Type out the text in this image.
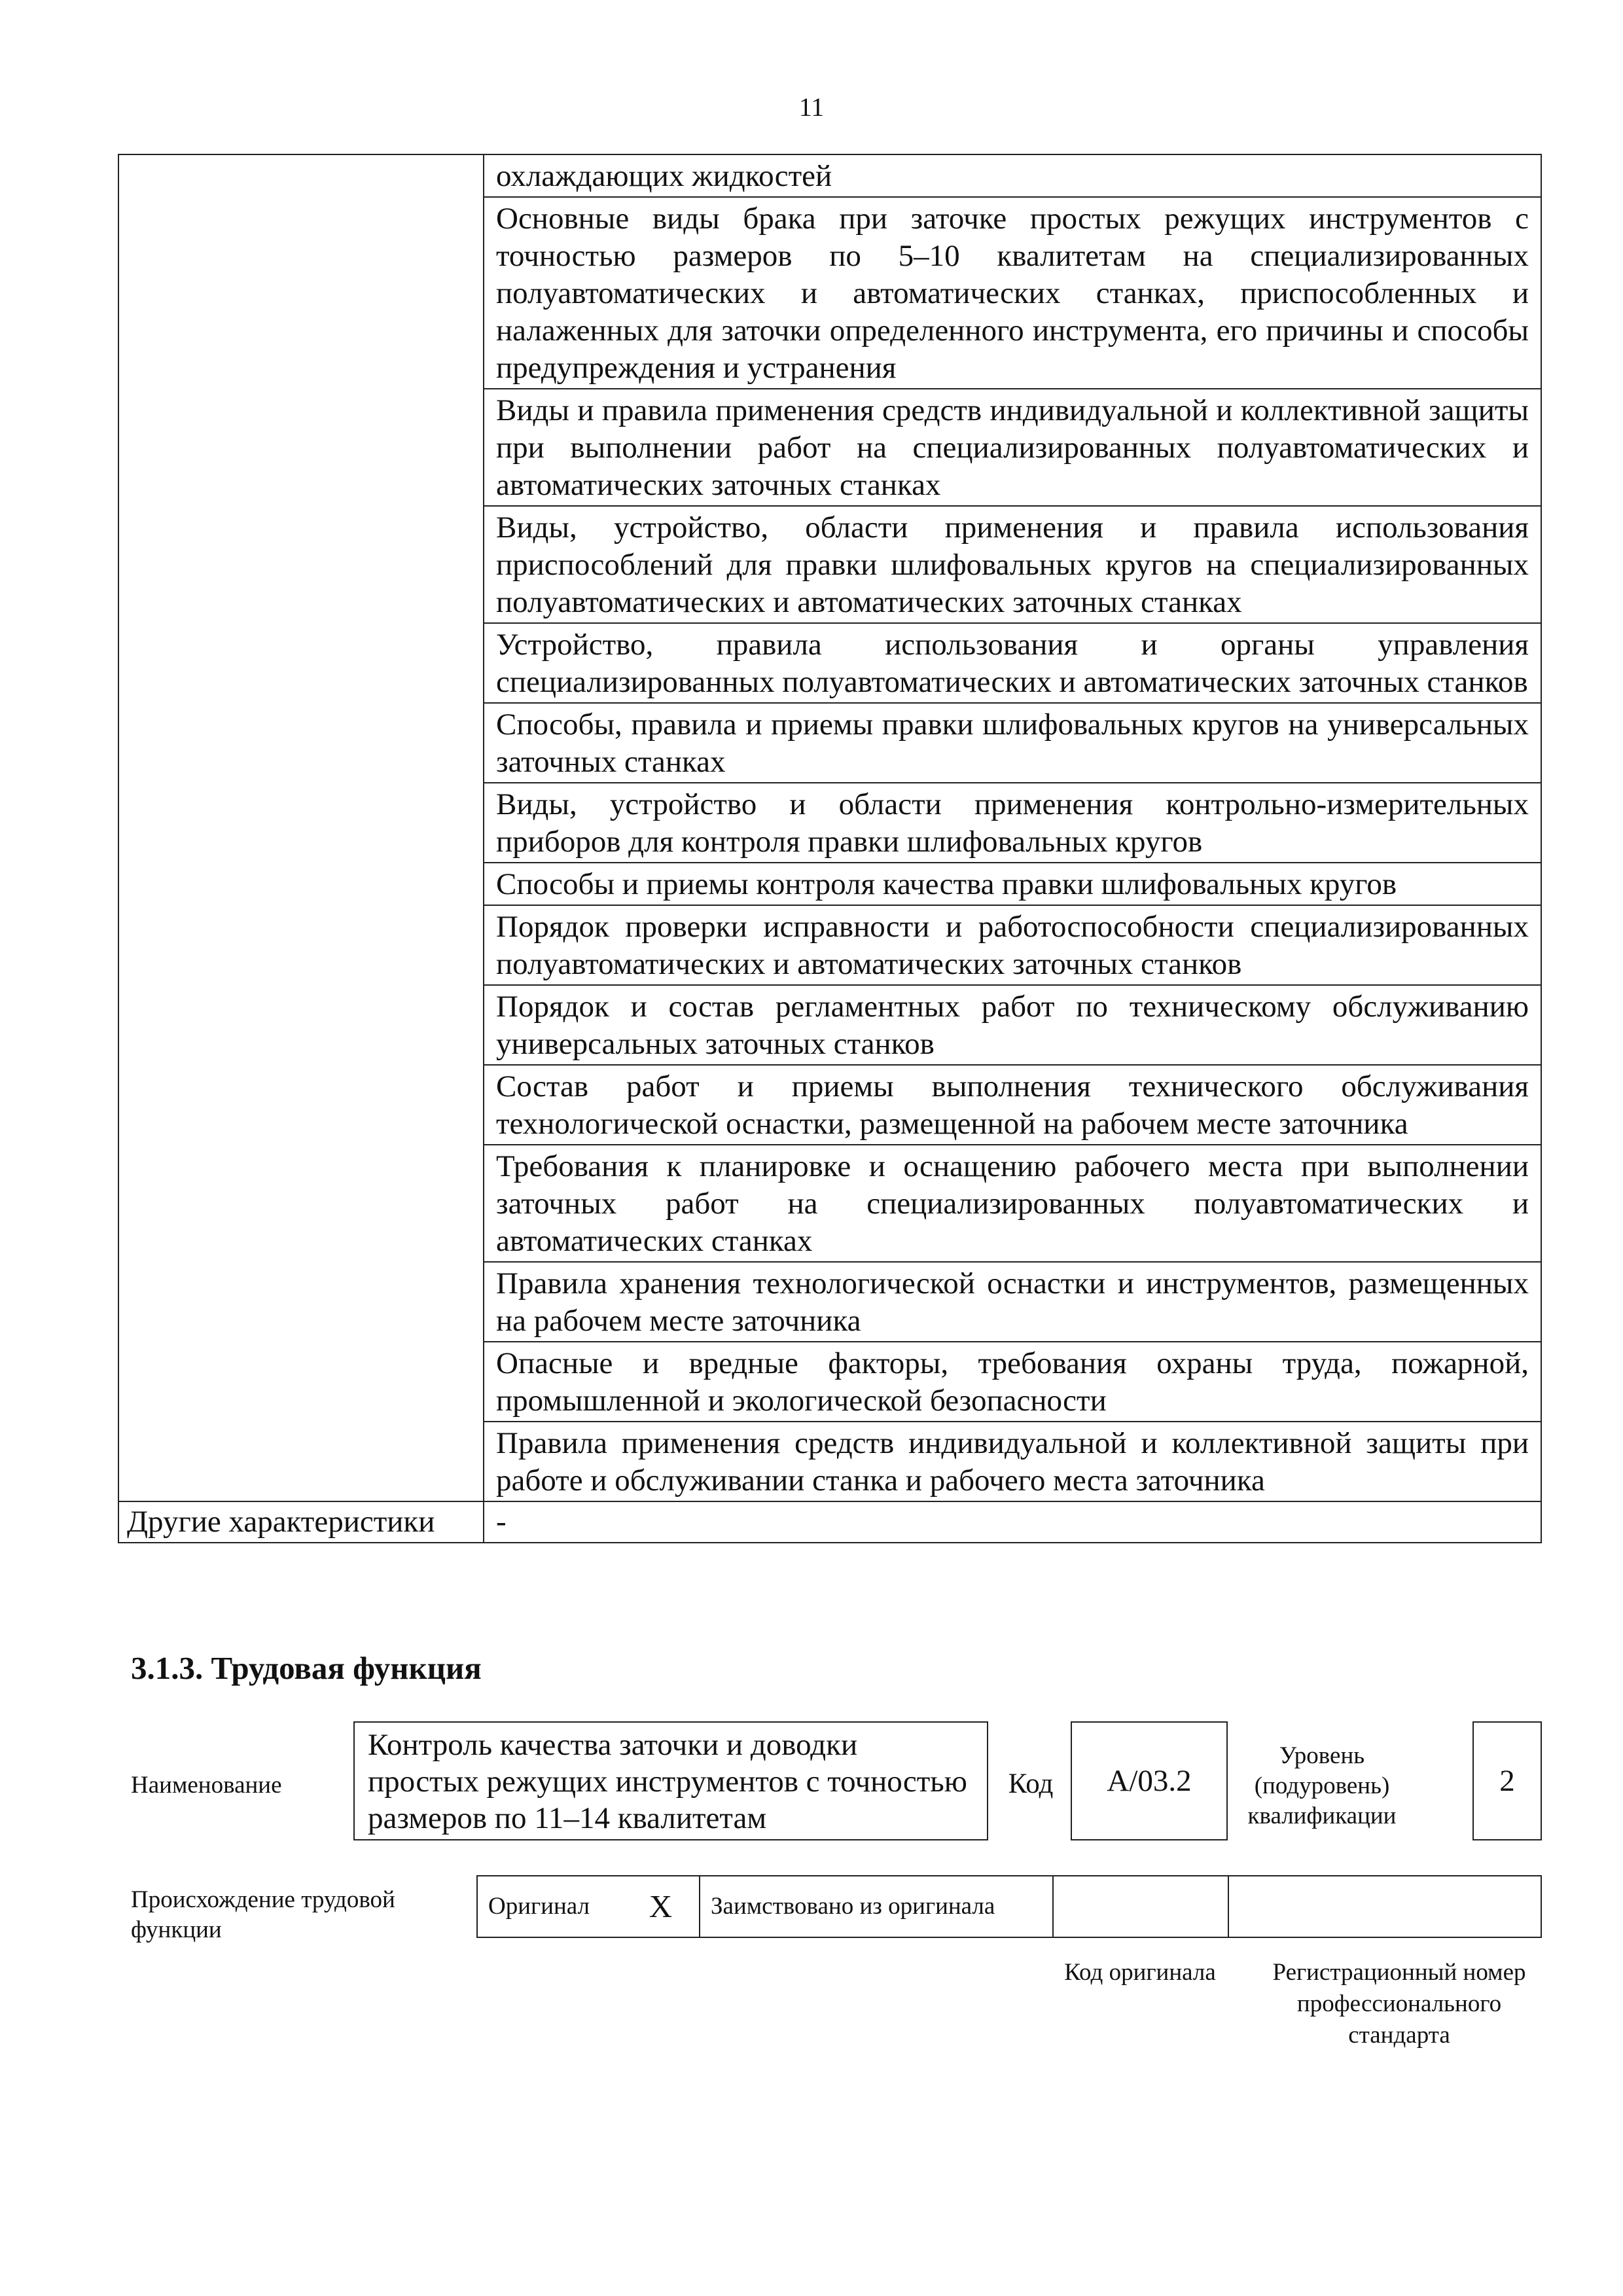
11
	охлаждающих жидкостей
	Основные виды брака при заточке простых режущих инструментов с точностью размеров по 5–10 квалитетам на специализированных полуавтоматических и автоматических станках, приспособленных и налаженных для заточки определенного инструмента, его причины и способы предупреждения и устранения
	Виды и правила применения средств индивидуальной и коллективной защиты при выполнении работ на специализированных полуавтоматических и автоматических заточных станках
	Виды, устройство, области применения и правила использования приспособлений для правки шлифовальных кругов на специализированных полуавтоматических и автоматических заточных станках
	Устройство, правила использования и органы управления специализированных полуавтоматических и автоматических заточных станков
	Способы, правила и приемы правки шлифовальных кругов на универсальных заточных станках
	Виды, устройство и области применения контрольно-измерительных приборов для контроля правки шлифовальных кругов
	Способы и приемы контроля качества правки шлифовальных кругов
	Порядок проверки исправности и работоспособности специализированных полуавтоматических и автоматических заточных станков
	Порядок и состав регламентных работ по техническому обслуживанию универсальных заточных станков
	Состав работ и приемы выполнения технического обслуживания технологической оснастки, размещенной на рабочем месте заточника
	Требования к планировке и оснащению рабочего места при выполнении заточных работ на специализированных полуавтоматических и автоматических станках
	Правила хранения технологической оснастки и инструментов, размещенных на рабочем месте заточника
	Опасные и вредные факторы, требования охраны труда, пожарной, промышленной и экологической безопасности
	Правила применения средств индивидуальной и коллективной защиты при работе и обслуживании станка и рабочего места заточника
Другие характеристики	-
3.1.3. Трудовая функция
Наименование
Контроль качества заточки и доводки простых режущих инструментов с точностью размеров по 11–14 квалитетам
Код	А/03.2
Уровень (подуровень) квалификации
2
Происхождение трудовой функции
Оригинал	X	Заимствовано из оригинала		
Код оригинала	Регистрационный номер профессионального стандарта
